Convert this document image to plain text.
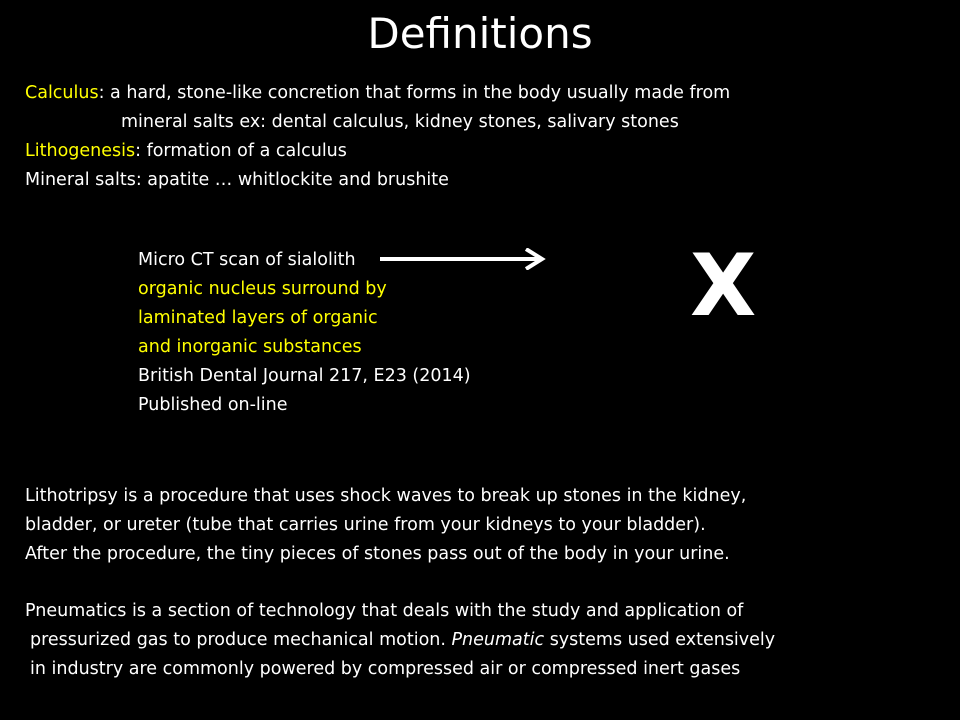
Definitions
Calculus: a hard, stone-like concretion that forms in the body usually made from
mineral salts ex: dental calculus, kidney stones, salivary stones
Lithogenesis: formation of a calculus
Mineral salts: apatite … whitlockite and brushite
Micro CT scan of sialolith
organic nucleus surround by
laminated layers of organic
and inorganic substances
British Dental Journal 217, E23 (2014)
Published on-line
X
Lithotripsy is a procedure that uses shock waves to break up stones in the kidney,
bladder, or ureter (tube that carries urine from your kidneys to your bladder).
After the procedure, the tiny pieces of stones pass out of the body in your urine.
Pneumatics is a section of technology that deals with the study and application of
pressurized gas to produce mechanical motion. Pneumatic systems used extensively
in industry are commonly powered by compressed air or compressed inert gases
